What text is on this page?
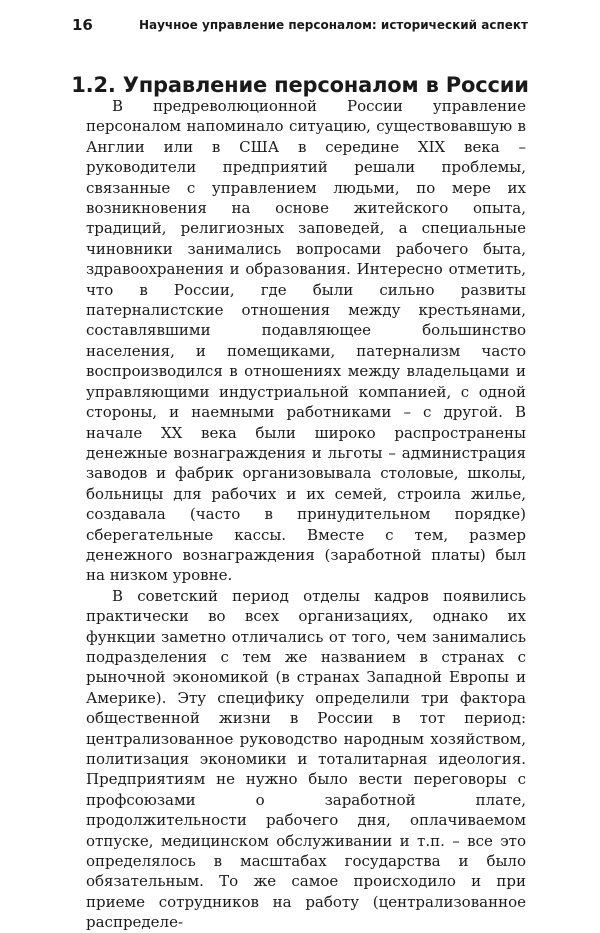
16	Научное управление персоналом: исторический аспект
1.2. Управление персоналом в России

В предреволюционной России управление персоналом напоминало ситуацию, существовавшую в Англии или в США в середине XIX века – руководители предприятий решали проблемы, связанные с управлением людьми, по мере их возникновения на основе житейского опыта, традиций, религиозных заповедей, а специальные чиновники занимались вопросами рабочего быта, здравоохранения и образования. Интересно отметить, что в России, где были сильно развиты патерналистские отношения между крестьянами, составлявшими подавляющее большинство населения, и помещиками, патернализм часто воспроизводился в отношениях между владельцами и управляющими индустриальной компанией, с одной стороны, и наемными работниками – с другой. В начале XX века были широко распространены денежные вознаграждения и льготы – администрация заводов и фабрик организовывала столовые, школы, больницы для рабочих и их семей, строила жилье, создавала (часто в принудительном порядке) сберегательные кассы. Вместе с тем, размер денежного вознаграждения (заработной платы) был на низком уровне.

В советский период отделы кадров появились практически во всех организациях, однако их функции заметно отличались от того, чем занимались подразделения с тем же названием в странах с рыночной экономикой (в странах Западной Европы и Америке). Эту специфику определили три фактора общественной жизни в России в тот период: централизованное руководство народным хозяйством, политизация экономики и тоталитарная идеология. Предприятиям не нужно было вести переговоры с профсоюзами о заработной плате, продолжительности рабочего дня, оплачиваемом отпуске, медицинском обслуживании и т.п. – все это определялось в масштабах государства и было обязательным. То же самое происходило и при приеме сотрудников на работу (централизованное распределе-
